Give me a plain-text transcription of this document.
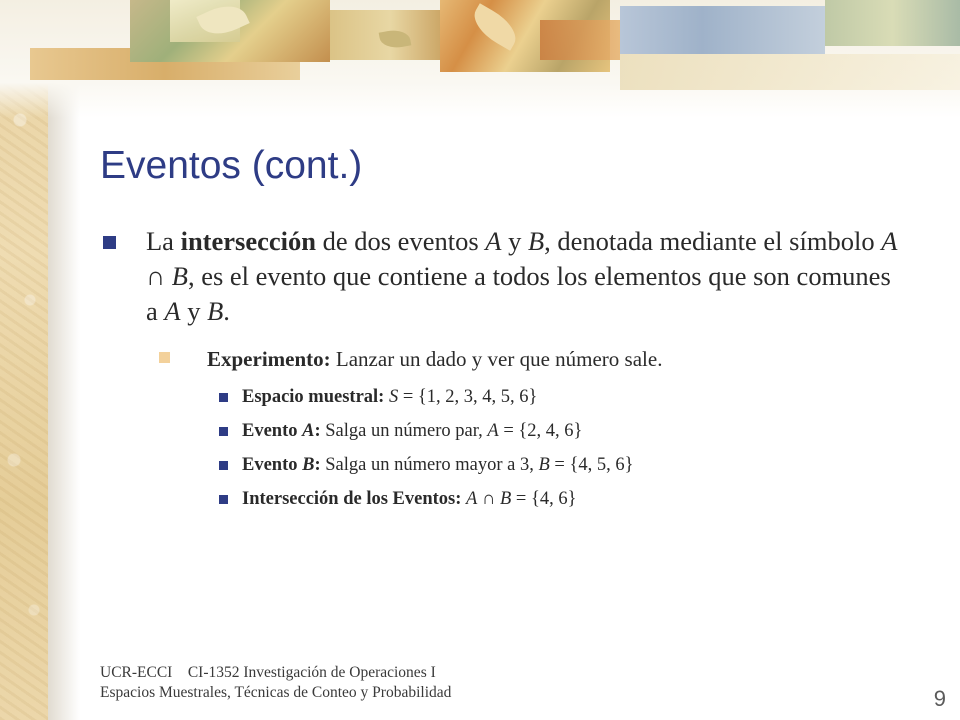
Eventos (cont.)
La intersección de dos eventos A y B, denotada mediante el símbolo A ∩ B, es el evento que contiene a todos los elementos que son comunes a A y B.
Experimento: Lanzar un dado y ver que número sale.
Espacio muestral: S = {1, 2, 3, 4, 5, 6}
Evento A: Salga un número par, A = {2, 4, 6}
Evento B: Salga un número mayor a 3, B = {4, 5, 6}
Intersección de los Eventos: A ∩ B = {4, 6}
UCR-ECCI CI-1352 Investigación de Operaciones I
Espacios Muestrales, Técnicas de Conteo y Probabilidad	9
